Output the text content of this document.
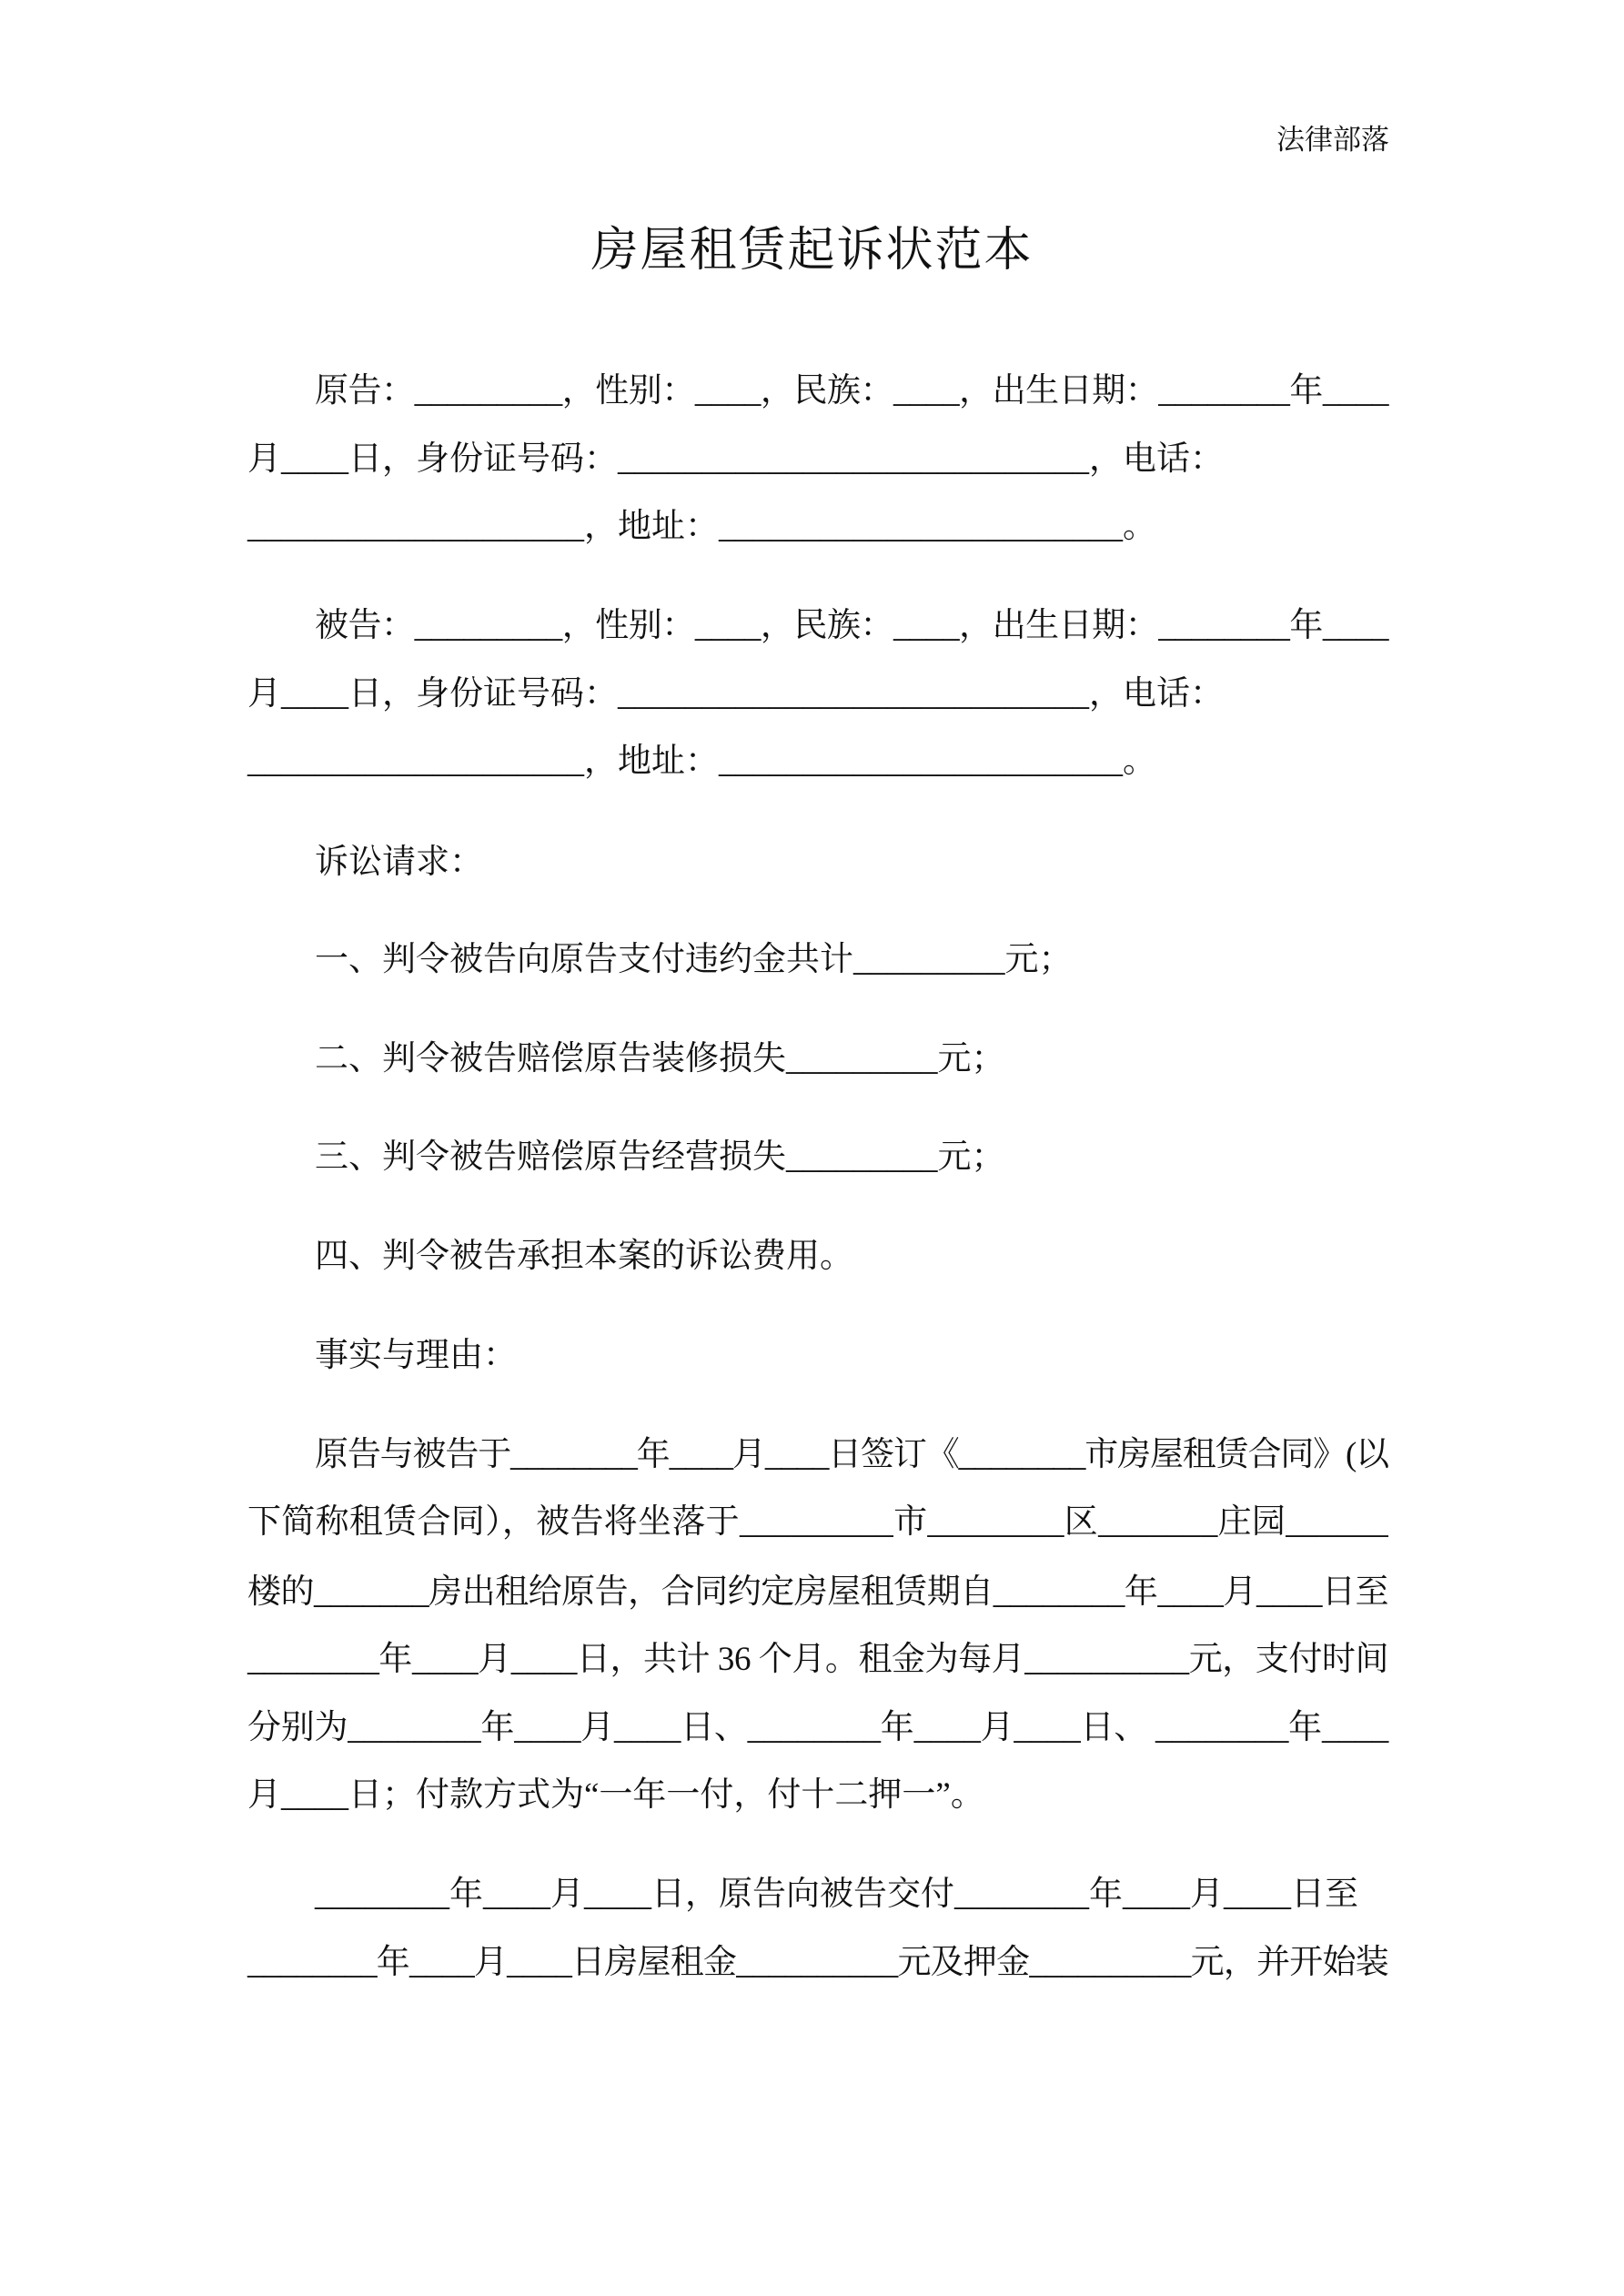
法律部落
房屋租赁起诉状范本
原告：_________，性别：____，民族：____，出生日期：________年____
月____日，身份证号码：____________________________，电话：
____________________，地址：________________________。
被告：_________，性别：____，民族：____，出生日期：________年____
月____日，身份证号码：____________________________，电话：
____________________，地址：________________________。
诉讼请求：
一、判令被告向原告支付违约金共计_________元；
二、判令被告赔偿原告装修损失_________元；
三、判令被告赔偿原告经营损失_________元；
四、判令被告承担本案的诉讼费用。
事实与理由：
原告与被告于________年____月____日签订《________市房屋租赁合同》(以
下简称租赁合同），被告将坐落于_________市________区_______庄园______
楼的_______房出租给原告，合同约定房屋租赁期自________年____月____日至
________年____月____日，共计 36 个月。租金为每月__________元，支付时间
分别为________年____月____日、________年____月____日、 ________年____
月____日；付款方式为“一年一付，付十二押一”。
________年____月____日，原告向被告交付________年____月____日至
________年____月____日房屋租金__________元及押金__________元，并开始装
